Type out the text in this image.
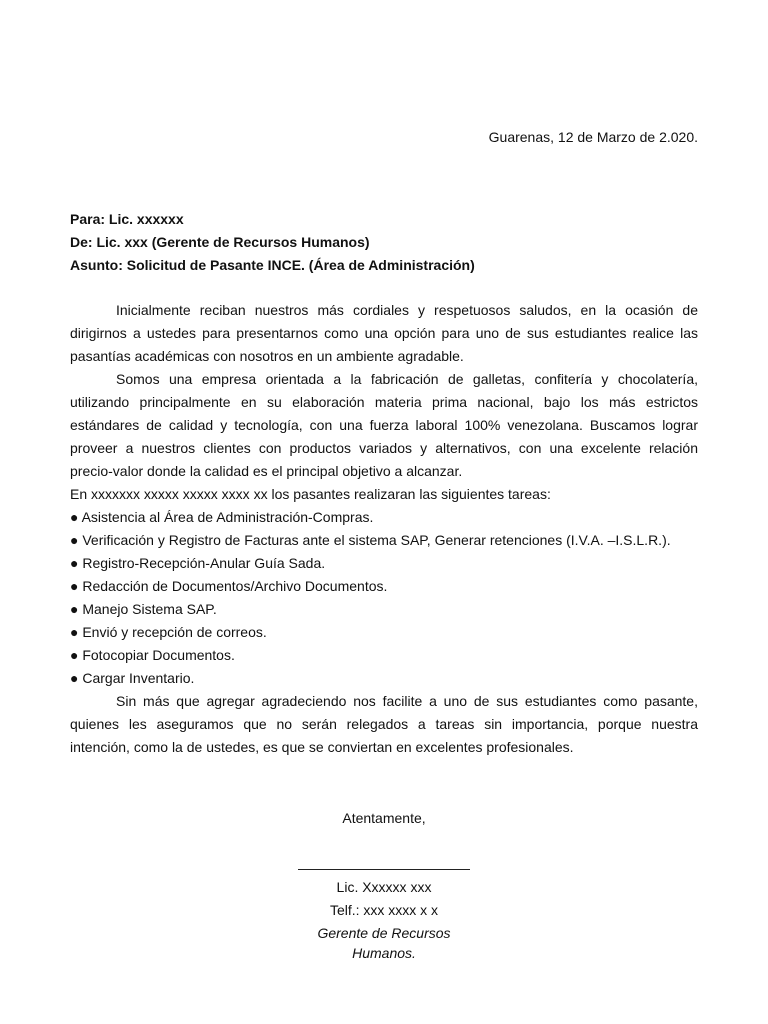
Guarenas, 12 de Marzo de 2.020.
Para: Lic. xxxxxx
De: Lic. xxx (Gerente de Recursos Humanos)
Asunto: Solicitud de Pasante INCE. (Área de Administración)
Inicialmente reciban nuestros más cordiales y respetuosos saludos, en la ocasión de
dirigirnos a ustedes para presentarnos como una opción para uno de sus estudiantes realice las
pasantías académicas con nosotros en un ambiente agradable.
Somos una empresa orientada a la fabricación de galletas, confitería y chocolatería,
utilizando principalmente en su elaboración materia prima nacional, bajo los más estrictos
estándares de calidad y tecnología, con una fuerza laboral 100% venezolana. Buscamos lograr
proveer a nuestros clientes con productos variados y alternativos, con una excelente relación
precio-valor donde la calidad es el principal objetivo a alcanzar.
En xxxxxxx xxxxx xxxxx xxxx xx los pasantes realizaran las siguientes tareas:
● Asistencia al Área de Administración-Compras.
● Verificación y Registro de Facturas ante el sistema SAP, Generar retenciones (I.V.A. –I.S.L.R.).
● Registro-Recepción-Anular Guía Sada.
● Redacción de Documentos/Archivo Documentos.
● Manejo Sistema SAP.
● Envió y recepción de correos.
● Fotocopiar Documentos.
● Cargar Inventario.
Sin más que agregar agradeciendo nos facilite a uno de sus estudiantes como pasante,
quienes les aseguramos que no serán relegados a tareas sin importancia, porque nuestra
intención, como la de ustedes, es que se conviertan en excelentes profesionales.
Atentamente,
Lic. Xxxxxx xxx
Telf.: xxx xxxx x x
Gerente de Recursos Humanos.
